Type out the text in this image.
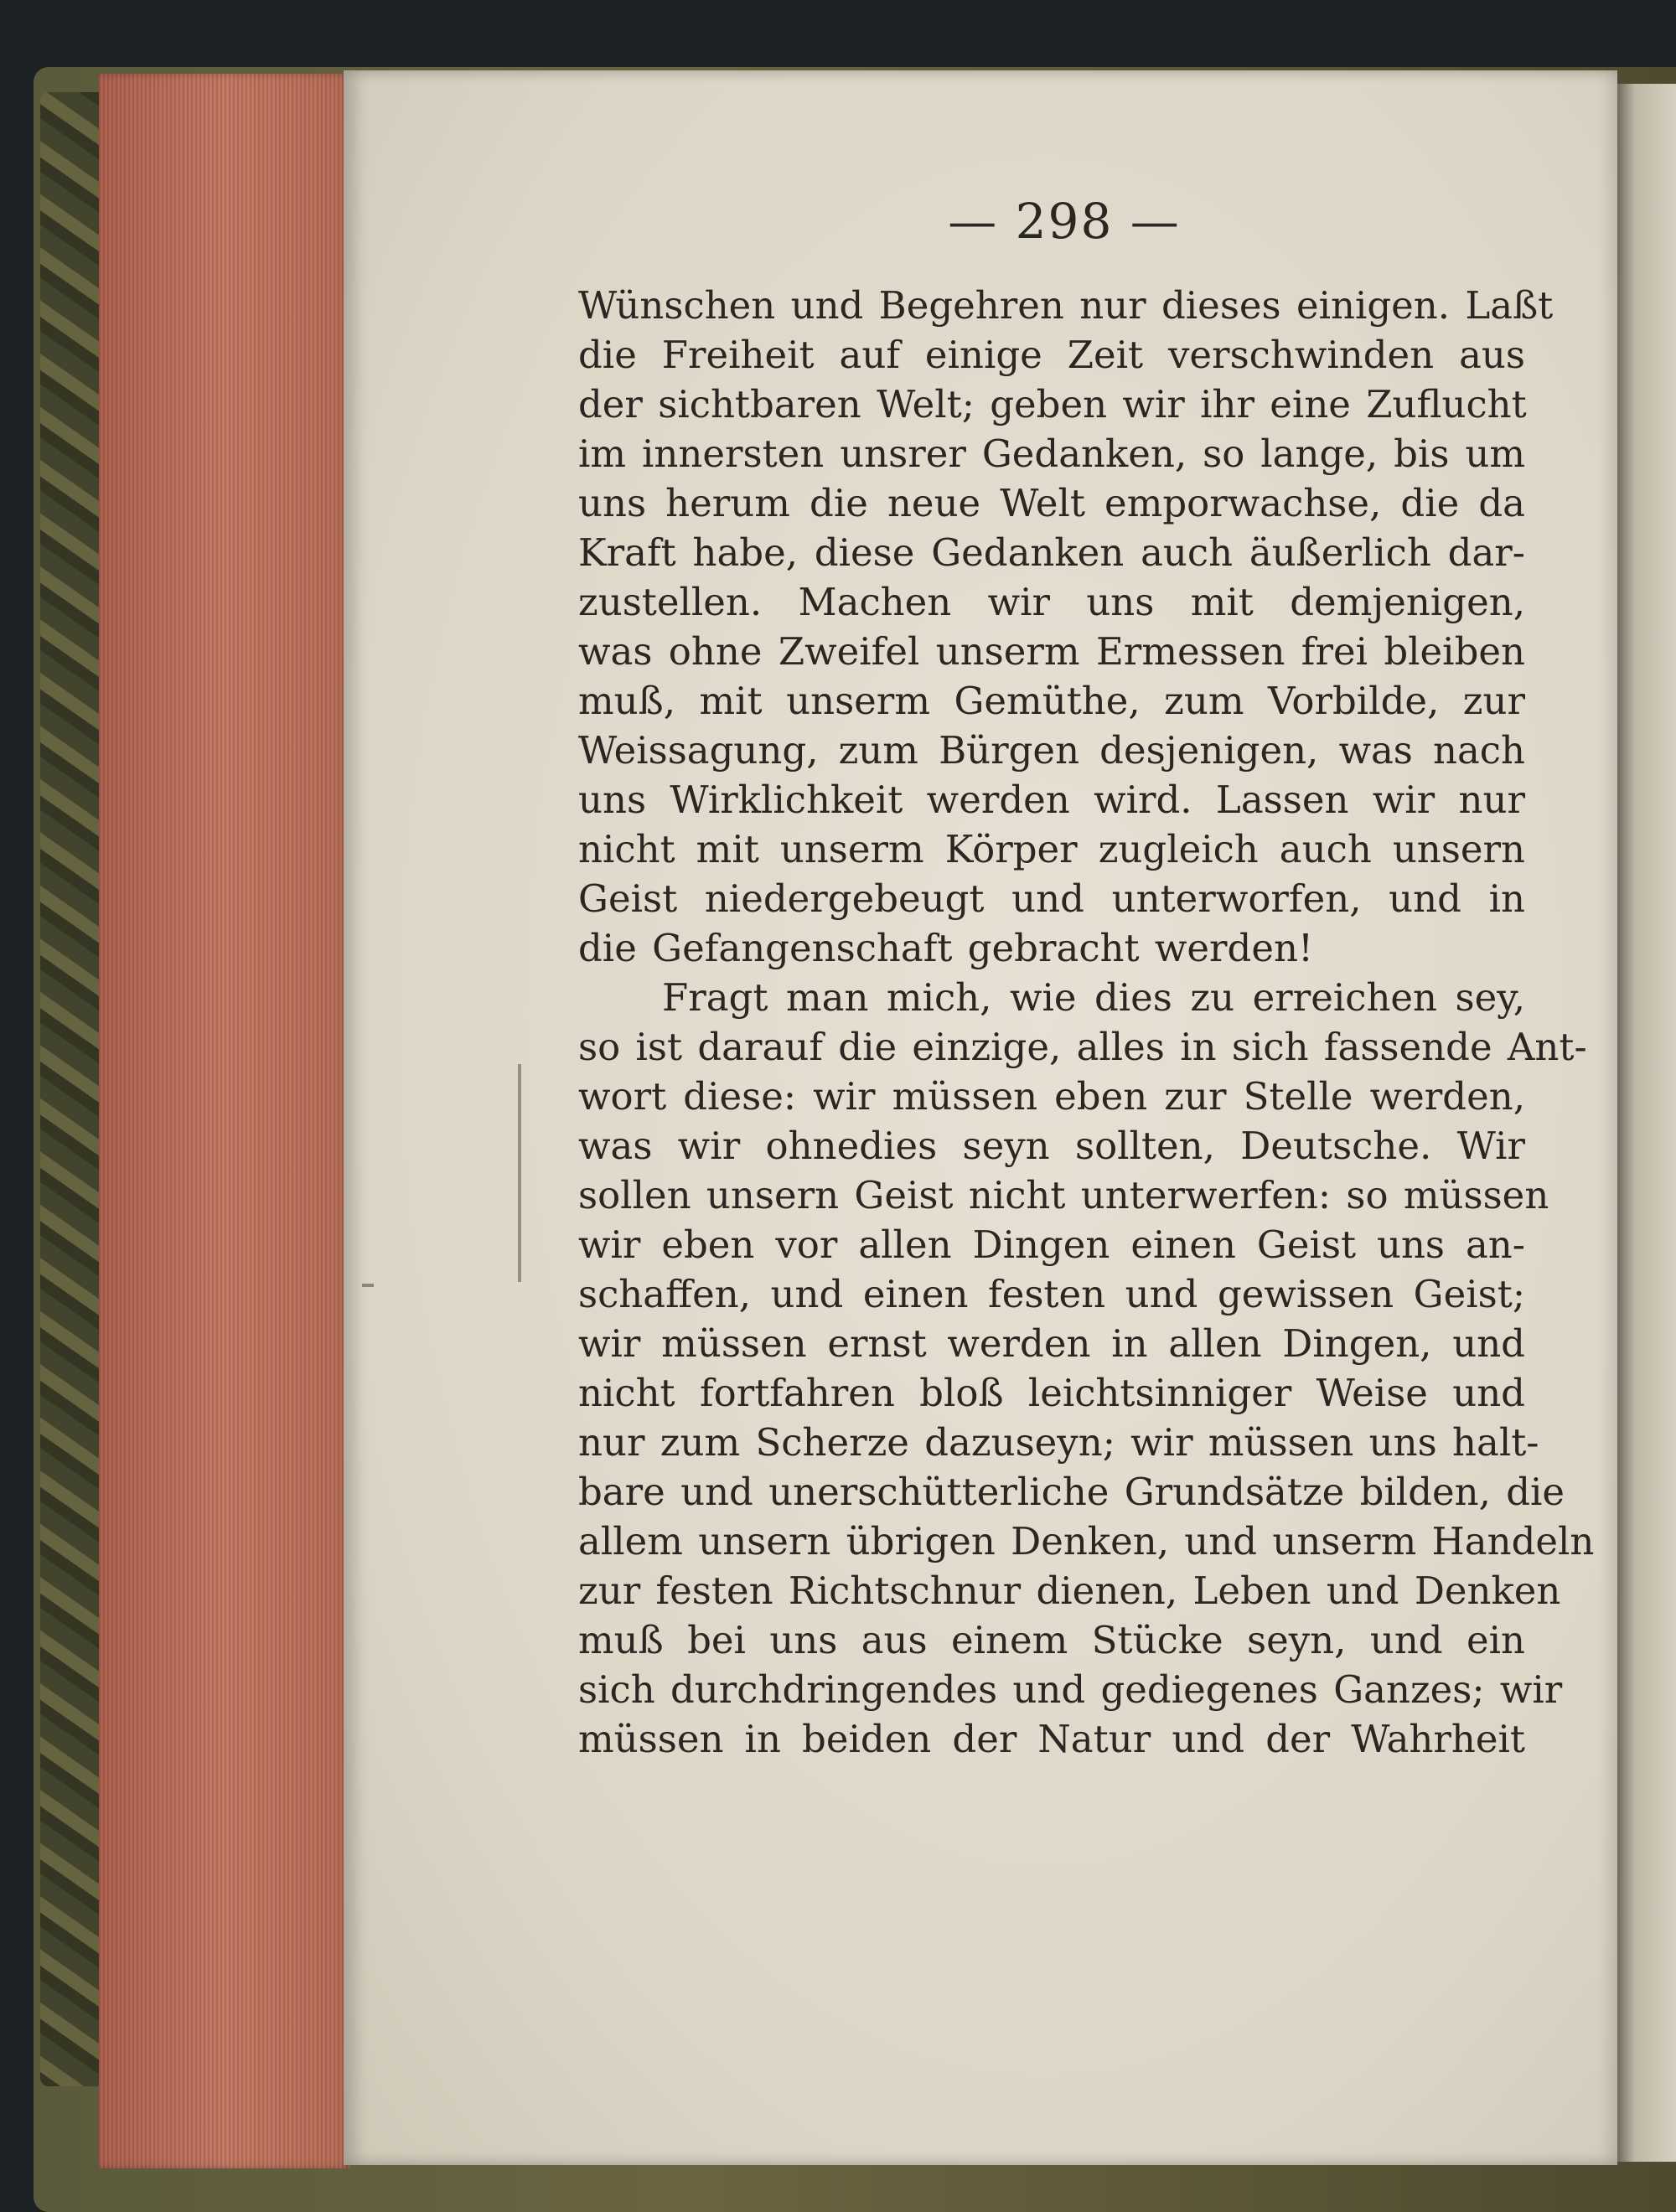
— 298 —
Wünschen und Begehren nur dieses einigen. Laßt
die Freiheit auf einige Zeit verschwinden aus
der sichtbaren Welt; geben wir ihr eine Zuflucht
im innersten unsrer Gedanken, so lange, bis um
uns herum die neue Welt emporwachse, die da
Kraft habe, diese Gedanken auch äußerlich dar-
zustellen. Machen wir uns mit demjenigen,
was ohne Zweifel unserm Ermessen frei bleiben
muß, mit unserm Gemüthe, zum Vorbilde, zur
Weissagung, zum Bürgen desjenigen, was nach
uns Wirklichkeit werden wird. Lassen wir nur
nicht mit unserm Körper zugleich auch unsern
Geist niedergebeugt und unterworfen, und in
die Gefangenschaft gebracht werden!
Fragt man mich, wie dies zu erreichen sey,
so ist darauf die einzige, alles in sich fassende Ant-
wort diese: wir müssen eben zur Stelle werden,
was wir ohnedies seyn sollten, Deutsche. Wir
sollen unsern Geist nicht unterwerfen: so müssen
wir eben vor allen Dingen einen Geist uns an-
schaffen, und einen festen und gewissen Geist;
wir müssen ernst werden in allen Dingen, und
nicht fortfahren bloß leichtsinniger Weise und
nur zum Scherze dazuseyn; wir müssen uns halt-
bare und unerschütterliche Grundsätze bilden, die
allem unsern übrigen Denken, und unserm Handeln
zur festen Richtschnur dienen, Leben und Denken
muß bei uns aus einem Stücke seyn, und ein
sich durchdringendes und gediegenes Ganzes; wir
müssen in beiden der Natur und der Wahrheit
